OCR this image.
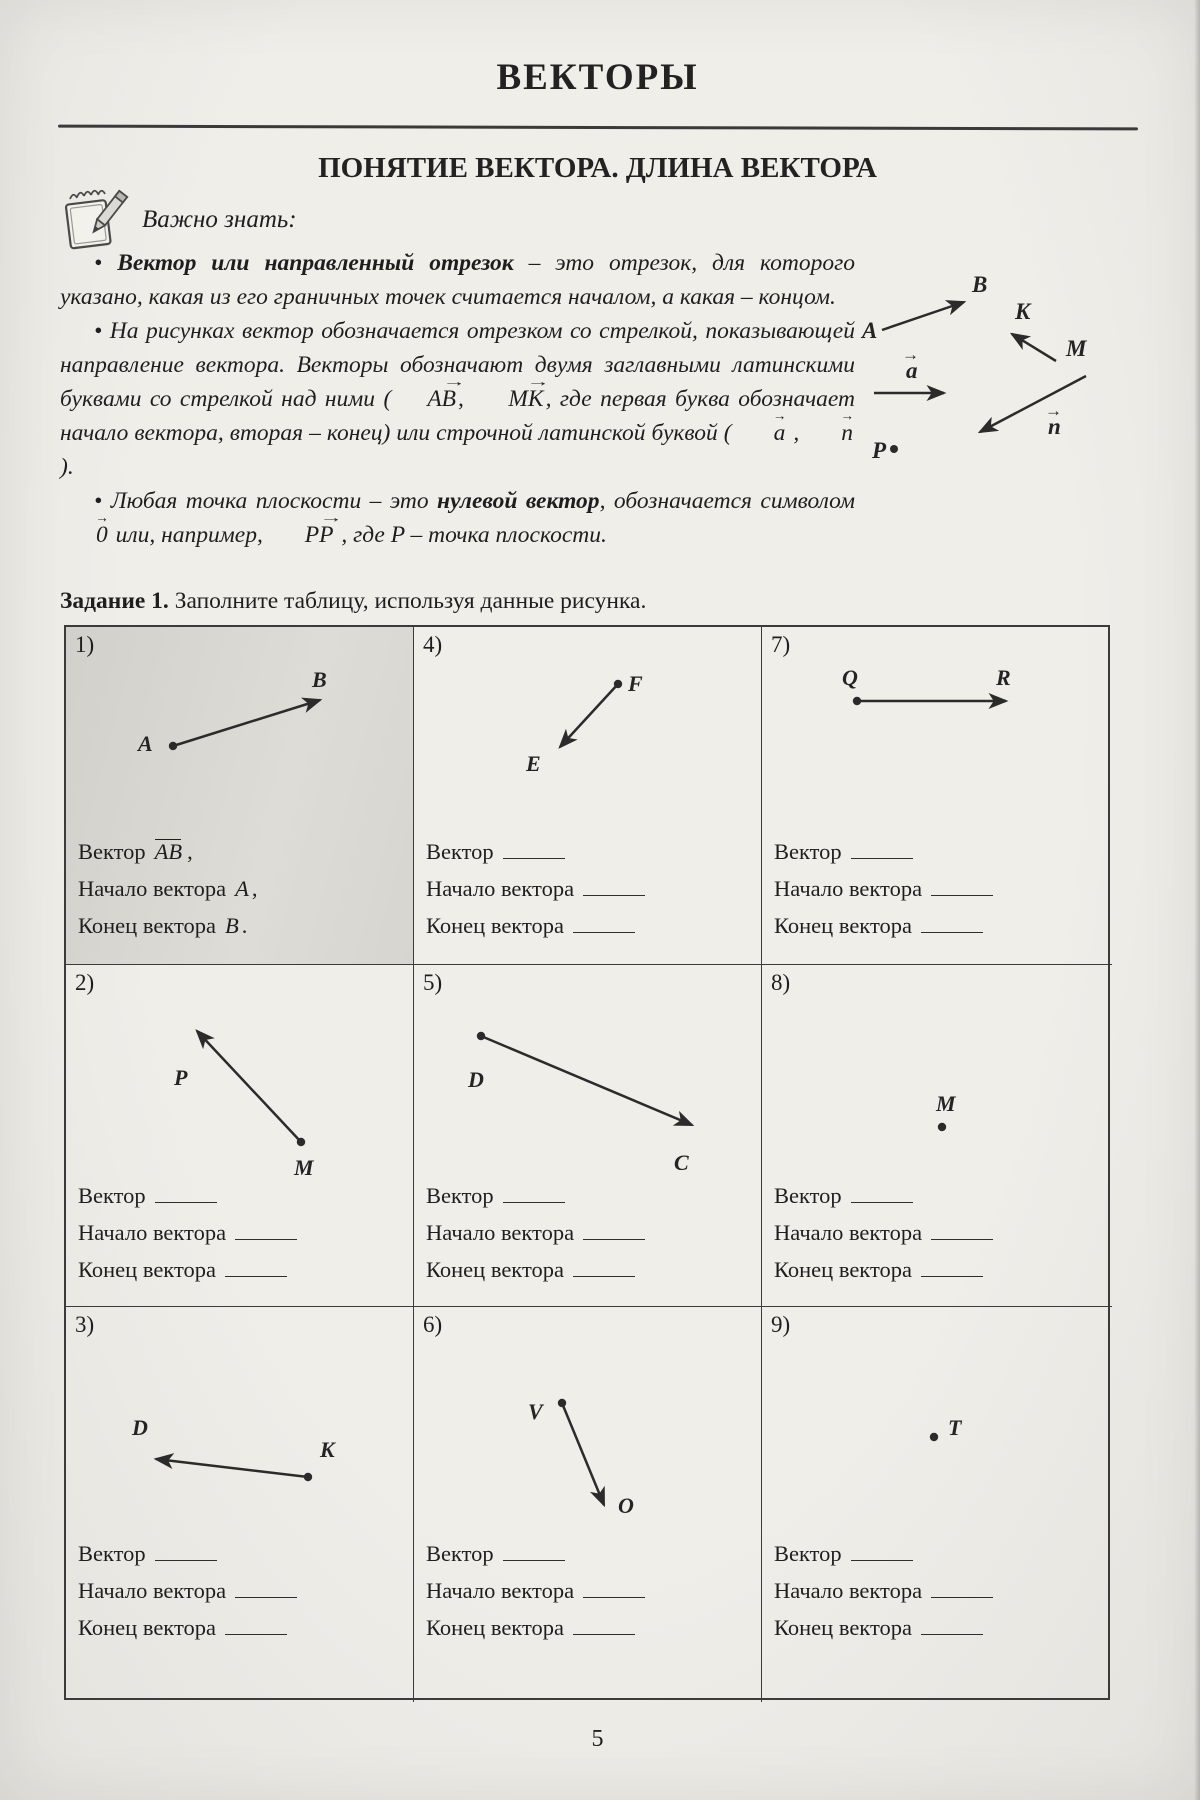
ВЕКТОРЫ
ПОНЯТИЕ ВЕКТОРА. ДЛИНА ВЕКТОРА
Важно знать:

• Вектор или направленный отрезок – это отрезок, для которого указано, какая из его граничных точек считается началом, а какая – концом.

• На рисунках вектор обозначается отрезком со стрелкой, показывающей направление вектора. Векторы обозначают двумя заглавными латинскими буквами со стрелкой над ними ( AB →, MK →, где первая буква обозначает начало вектора, вторая – конец) или строчной латинской буквой ( a → , n → ).

• Любая точка плоскости – это нулевой вектор, обозначается символом 0 → или, например, PP → , где P – точка плоскости.

A
B
K
M
a
→
n
→
P
Задание 1. Заполните таблицу, используя данные рисунка.
1)
A
B
Вектор AB ,
Начало вектора A ,
Конец вектора B .
4)
F
E
Вектор
Начало вектора
Конец вектора
7)
Q	R
Вектор
Начало вектора
Конец вектора
2)
P
M
Вектор
Начало вектора
Конец вектора
5)
D
C
Вектор
Начало вектора
Конец вектора
8)
M
Вектор
Начало вектора
Конец вектора
3)
D
K
Вектор
Начало вектора
Конец вектора
6)
V
O
Вектор
Начало вектора
Конец вектора
9)
T
Вектор
Начало вектора
Конец вектора
5
